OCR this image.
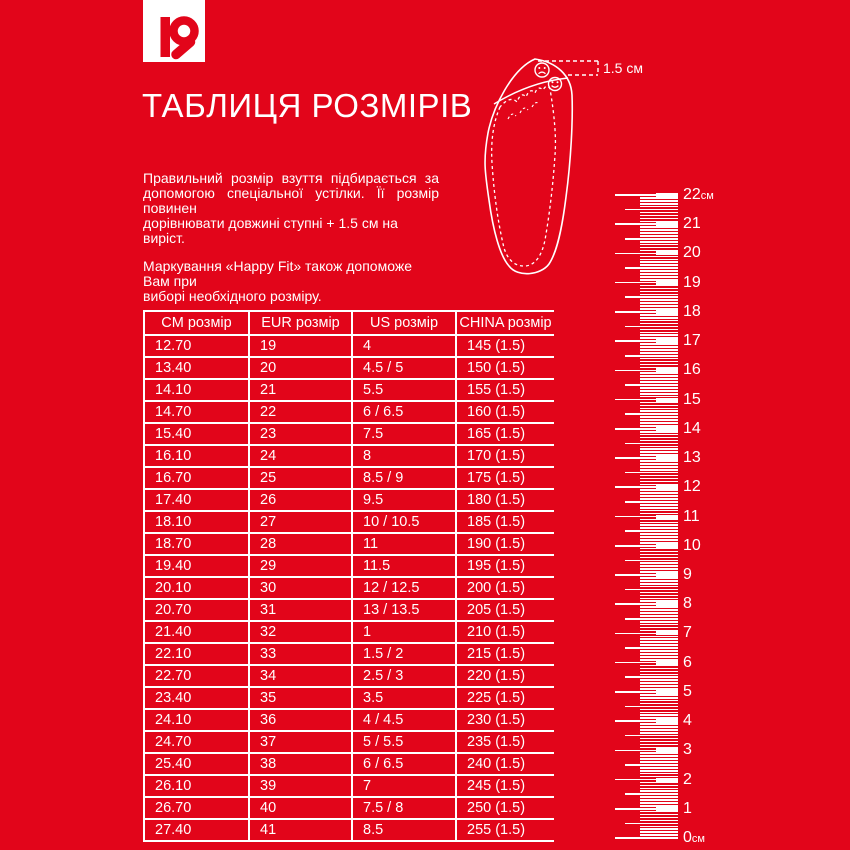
ТАБЛИЦЯ РОЗМІРІВ
Правильний розмір взуття підбирається за
допомогою спеціальної устілки. Її розмір повинен
дорівнювати довжині ступні + 1.5 см на виріст.
Маркування «Happy Fit» також допоможе Вам при
виборі необхідного розміру.
1.5 см
0см
1
2
3
4
5
6
7
8
9
10
11
12
13
14
15
16
17
18
19
20
21
22см
CM розмір	EUR розмір	US розмір	CHINA розмір
12.70	19	4	145 (1.5)
13.40	20	4.5 / 5	150 (1.5)
14.10	21	5.5	155 (1.5)
14.70	22	6 / 6.5	160 (1.5)
15.40	23	7.5	165 (1.5)
16.10	24	8	170 (1.5)
16.70	25	8.5 / 9	175 (1.5)
17.40	26	9.5	180 (1.5)
18.10	27	10 / 10.5	185 (1.5)
18.70	28	11	190 (1.5)
19.40	29	11.5	195 (1.5)
20.10	30	12 / 12.5	200 (1.5)
20.70	31	13 / 13.5	205 (1.5)
21.40	32	1	210 (1.5)
22.10	33	1.5 / 2	215 (1.5)
22.70	34	2.5 / 3	220 (1.5)
23.40	35	3.5	225 (1.5)
24.10	36	4 / 4.5	230 (1.5)
24.70	37	5 / 5.5	235 (1.5)
25.40	38	6 / 6.5	240 (1.5)
26.10	39	7	245 (1.5)
26.70	40	7.5 / 8	250 (1.5)
27.40	41	8.5	255 (1.5)
